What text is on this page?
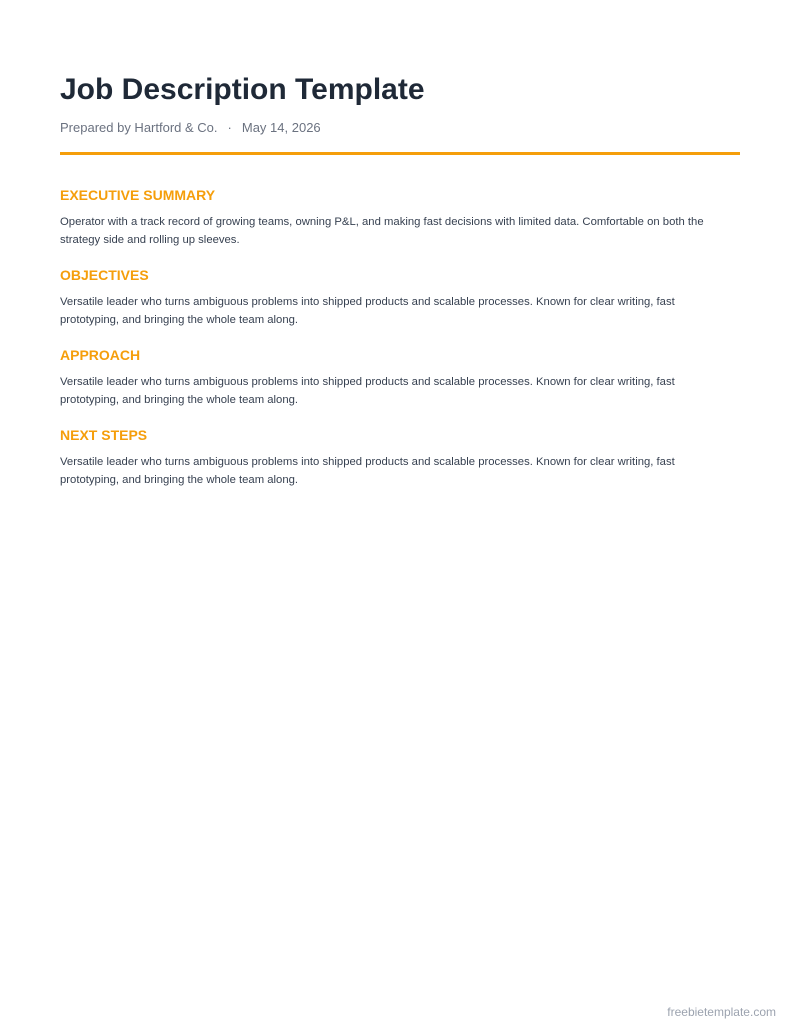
Job Description Template
Prepared by Hartford & Co. · May 14, 2026
EXECUTIVE SUMMARY

Operator with a track record of growing teams, owning P&L, and making fast decisions with limited data. Comfortable on both the strategy side and rolling up sleeves.

OBJECTIVES

Versatile leader who turns ambiguous problems into shipped products and scalable processes. Known for clear writing, fast prototyping, and bringing the whole team along.

APPROACH

Versatile leader who turns ambiguous problems into shipped products and scalable processes. Known for clear writing, fast prototyping, and bringing the whole team along.

NEXT STEPS

Versatile leader who turns ambiguous problems into shipped products and scalable processes. Known for clear writing, fast prototyping, and bringing the whole team along.

freebietemplate.com
